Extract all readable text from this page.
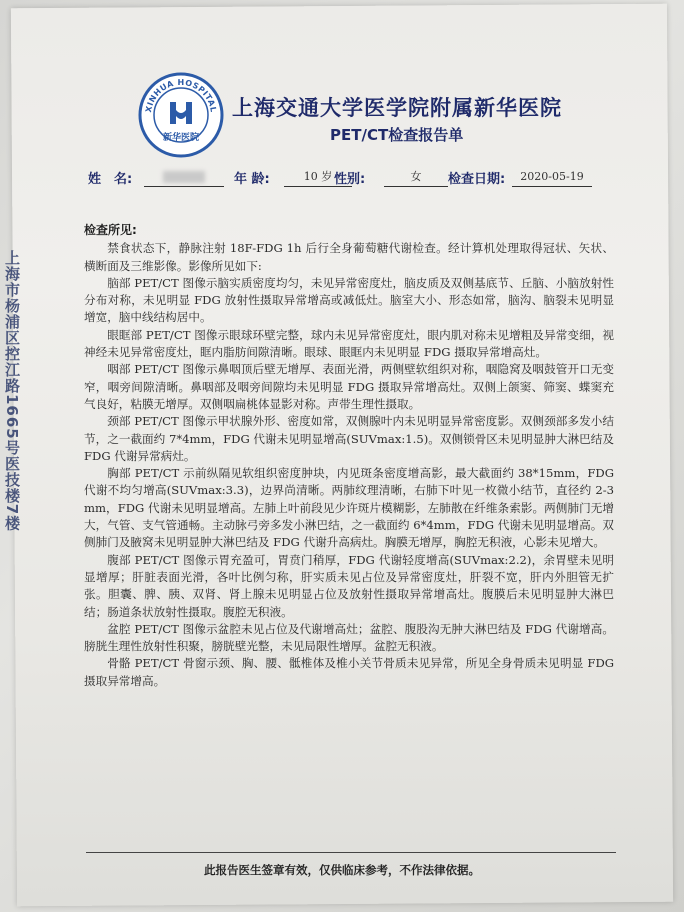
上海市杨浦区控江路1665号医技楼7楼
XINHUA HOSPITAL
新华医院
上海交通大学医学院附属新华医院
PET/CT检查报告单
姓　名:	年 龄:	10 岁 性别:	女	检查日期:	2020-05-19
检查所见:

禁食状态下，静脉注射 18F-FDG 1h 后行全身葡萄糖代谢检查。经计算机处理取得冠状、矢状、横断面及三维影像。影像所见如下:

脑部 PET/CT 图像示脑实质密度均匀，未见异常密度灶，脑皮质及双侧基底节、丘脑、小脑放射性分布对称，未见明显 FDG 放射性摄取异常增高或减低灶。脑室大小、形态如常，脑沟、脑裂未见明显增宽，脑中线结构居中。

眼眶部 PET/CT 图像示眼球环壁完整，球内未见异常密度灶，眼内肌对称未见增粗及异常变细，视神经未见异常密度灶，眶内脂肪间隙清晰。眼球、眼眶内未见明显 FDG 摄取异常增高灶。

咽部 PET/CT 图像示鼻咽顶后壁无增厚、表面光滑，两侧壁软组织对称，咽隐窝及咽鼓管开口无变窄，咽旁间隙清晰。鼻咽部及咽旁间隙均未见明显 FDG 摄取异常增高灶。双侧上颌窦、筛窦、蝶窦充气良好，粘膜无增厚。双侧咽扁桃体显影对称。声带生理性摄取。

颈部 PET/CT 图像示甲状腺外形、密度如常，双侧腺叶内未见明显异常密度影。双侧颈部多发小结节，之一截面约 7*4mm，FDG 代谢未见明显增高(SUVmax:1.5)。双侧锁骨区未见明显肿大淋巴结及 FDG 代谢异常病灶。

胸部 PET/CT 示前纵隔见软组织密度肿块，内见斑条密度增高影，最大截面约 38*15mm，FDG 代谢不均匀增高(SUVmax:3.3)，边界尚清晰。两肺纹理清晰，右肺下叶见一枚微小结节，直径约 2-3mm，FDG 代谢未见明显增高。左肺上叶前段见少许斑片模糊影，左肺散在纤维条索影。两侧肺门无增大，气管、支气管通畅。主动脉弓旁多发小淋巴结，之一截面约 6*4mm，FDG 代谢未见明显增高。双侧肺门及腋窝未见明显肿大淋巴结及 FDG 代谢升高病灶。胸膜无增厚，胸腔无积液，心影未见增大。

腹部 PET/CT 图像示胃充盈可，胃贲门稍厚，FDG 代谢轻度增高(SUVmax:2.2)，余胃壁未见明显增厚；肝脏表面光滑，各叶比例匀称，肝实质未见占位及异常密度灶，肝裂不宽，肝内外胆管无扩张。胆囊、脾、胰、双肾、肾上腺未见明显占位及放射性摄取异常增高灶。腹膜后未见明显肿大淋巴结；肠道条状放射性摄取。腹腔无积液。

盆腔 PET/CT 图像示盆腔未见占位及代谢增高灶；盆腔、腹股沟无肿大淋巴结及 FDG 代谢增高。膀胱生理性放射性积聚，膀胱壁光整，未见局限性增厚。盆腔无积液。

骨骼 PET/CT 骨窗示颈、胸、腰、骶椎体及椎小关节骨质未见异常，所见全身骨质未见明显 FDG 摄取异常增高。

此报告医生签章有效，仅供临床参考，不作法律依据。
